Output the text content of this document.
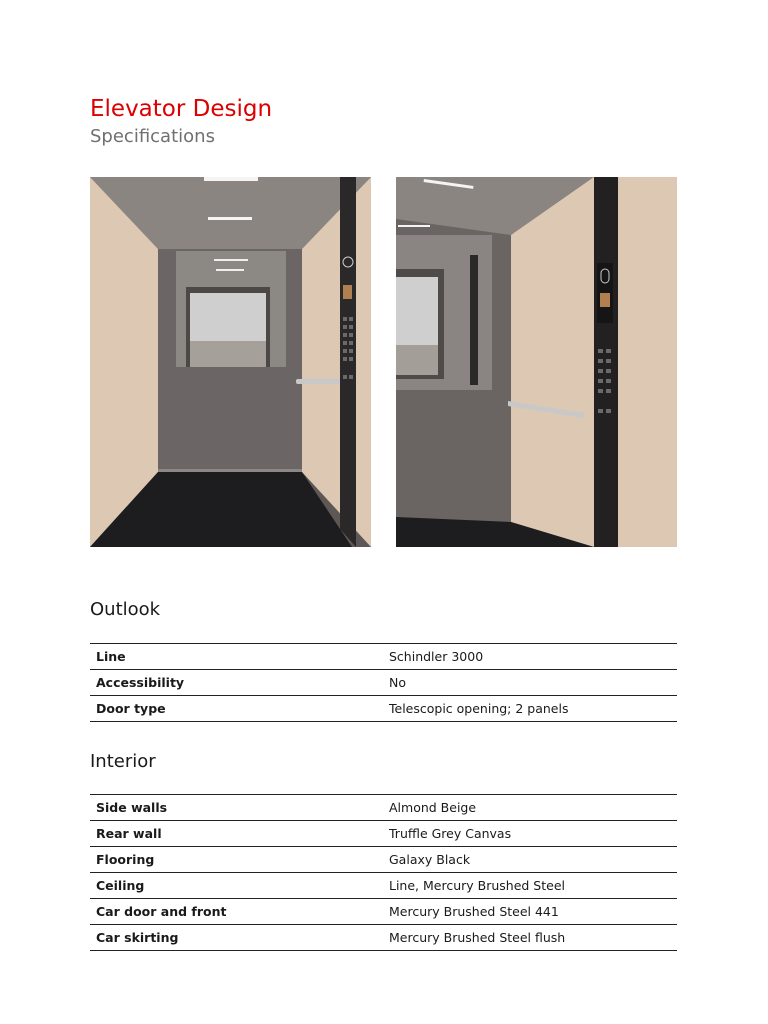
Elevator Design
Specifications
Outlook
Line	Schindler 3000
Accessibility	No
Door type	Telescopic opening; 2 panels
Interior
Side walls	Almond Beige
Rear wall	Truffle Grey Canvas
Flooring	Galaxy Black
Ceiling	Line, Mercury Brushed Steel
Car door and front	Mercury Brushed Steel 441
Car skirting	Mercury Brushed Steel flush
